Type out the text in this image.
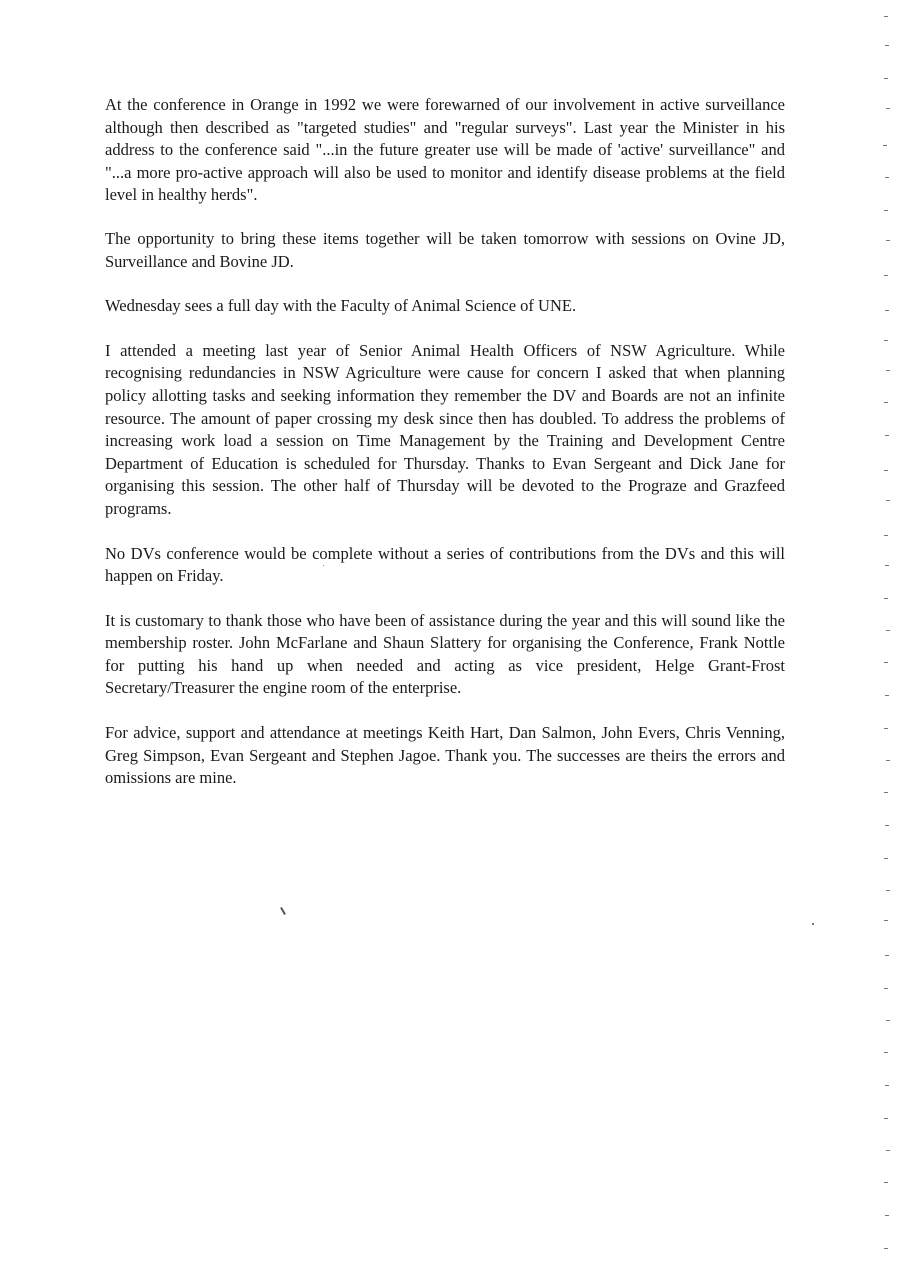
At the conference in Orange in 1992 we were forewarned of our involvement in active surveillance although then described as "targeted studies" and "regular surveys". Last year the Minister in his address to the conference said "...in the future greater use will be made of 'active' surveillance" and "...a more pro-active approach will also be used to monitor and identify disease problems at the field level in healthy herds".

The opportunity to bring these items together will be taken tomorrow with sessions on Ovine JD, Surveillance and Bovine JD.

Wednesday sees a full day with the Faculty of Animal Science of UNE.

I attended a meeting last year of Senior Animal Health Officers of NSW Agriculture. While recognising redundancies in NSW Agriculture were cause for concern I asked that when planning policy allotting tasks and seeking information they remember the DV and Boards are not an infinite resource. The amount of paper crossing my desk since then has doubled. To address the problems of increasing work load a session on Time Management by the Training and Development Centre Department of Education is scheduled for Thursday. Thanks to Evan Sergeant and Dick Jane for organising this session. The other half of Thursday will be devoted to the Prograze and Grazfeed programs.

No DVs conference would be complete without a series of contributions from the DVs and this will happen on Friday.

It is customary to thank those who have been of assistance during the year and this will sound like the membership roster. John McFarlane and Shaun Slattery for organising the Conference, Frank Nottle for putting his hand up when needed and acting as vice president, Helge Grant-Frost Secretary/Treasurer the engine room of the enterprise.

For advice, support and attendance at meetings Keith Hart, Dan Salmon, John Evers, Chris Venning, Greg Simpson, Evan Sergeant and Stephen Jagoe. Thank you. The successes are theirs the errors and omissions are mine.
